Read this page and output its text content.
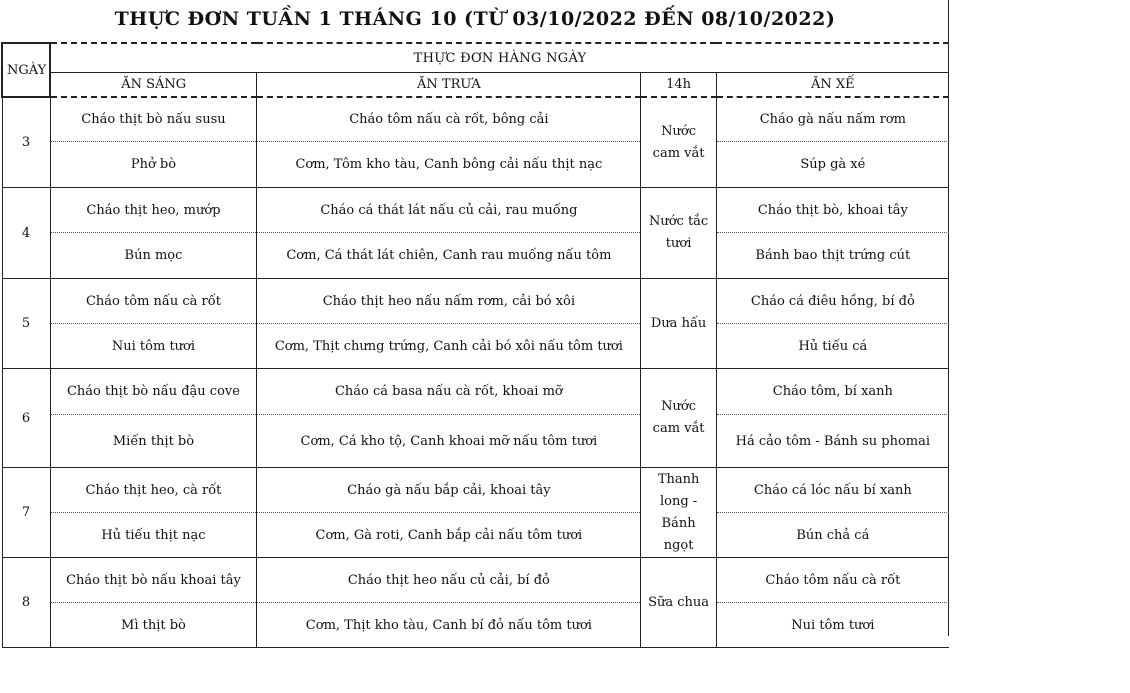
THỰC ĐƠN TUẦN 1 THÁNG 10 (TỪ 03/10/2022 ĐẾN 08/10/2022)
NGÀY	THỰC ĐƠN HÀNG NGÀY			
	ĂN SÁNG	ĂN TRƯA	14h	ĂN XẾ
3	Cháo thịt bò nấu susu	Cháo tôm nấu cà rốt, bông cải	Nước cam vắt	Cháo gà nấu nấm rơm
	Phở bò	Cơm, Tôm kho tàu, Canh bông cải nấu thịt nạc		Súp gà xé
4	Cháo thịt heo, mướp	Cháo cá thát lát nấu củ cải, rau muống	Nước tắc tươi	Cháo thịt bò, khoai tây
	Bún mọc	Cơm, Cá thát lát chiên, Canh rau muống nấu tôm		Bánh bao thịt trứng cút
5	Cháo tôm nấu cà rốt	Cháo thịt heo nấu nấm rơm, cải bó xôi	Dưa hấu	Cháo cá điêu hồng, bí đỏ
	Nui tôm tươi	Cơm, Thịt chưng trứng, Canh cải bó xôi nấu tôm tươi		Hủ tiếu cá
6	Cháo thịt bò nấu đậu cove	Cháo cá basa nấu cà rốt, khoai mỡ	Nước cam vắt	Cháo tôm, bí xanh
	Miến thịt bò	Cơm, Cá kho tộ, Canh khoai mỡ nấu tôm tươi		Há cảo tôm - Bánh su phomai
7	Cháo thịt heo, cà rốt	Cháo gà nấu bắp cải, khoai tây	Thanh long - Bánh ngọt	Cháo cá lóc nấu bí xanh
	Hủ tiếu thịt nạc	Cơm, Gà roti, Canh bắp cải nấu tôm tươi		Bún chả cá
8	Cháo thịt bò nấu khoai tây	Cháo thịt heo nấu củ cải, bí đỏ	Sữa chua	Cháo tôm nấu cà rốt
	Mì thịt bò	Cơm, Thịt kho tàu, Canh bí đỏ nấu tôm tươi		Nui tôm tươi
